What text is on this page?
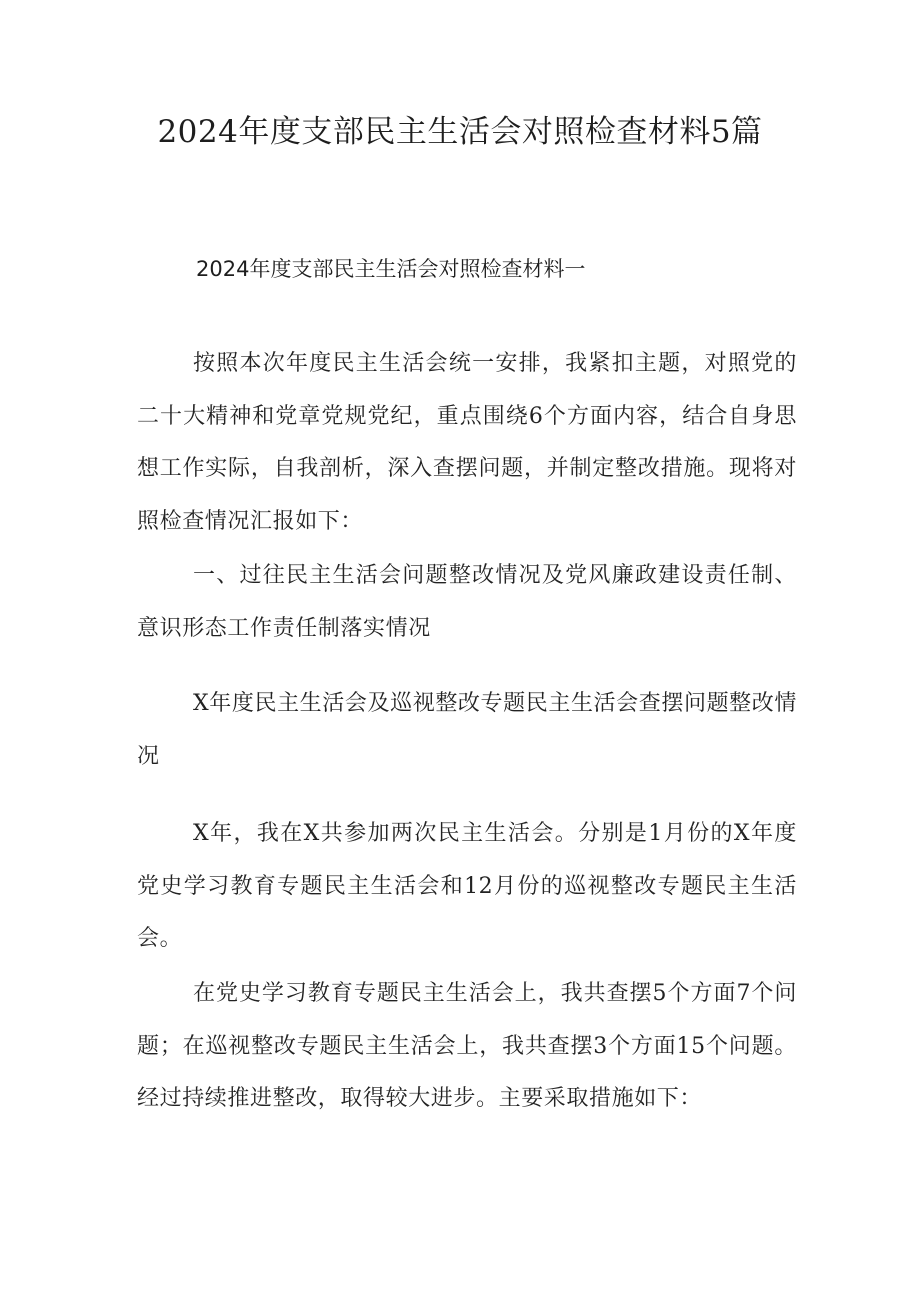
2024年度支部民主生活会对照检查材料5篇
2024年度支部民主生活会对照检查材料一

按照本次年度民主生活会统一安排，我紧扣主题，对照党的二十大精神和党章党规党纪，重点围绕6个方面内容，结合自身思想工作实际，自我剖析，深入查摆问题，并制定整改措施。现将对照检查情况汇报如下：

一、过往民主生活会问题整改情况及党风廉政建设责任制、意识形态工作责任制落实情况

X年度民主生活会及巡视整改专题民主生活会查摆问题整改情况

X年，我在X共参加两次民主生活会。分别是1月份的X年度党史学习教育专题民主生活会和12月份的巡视整改专题民主生活会。

在党史学习教育专题民主生活会上，我共查摆5个方面7个问题；在巡视整改专题民主生活会上，我共查摆3个方面15个问题。经过持续推进整改，取得较大进步。主要采取措施如下：
